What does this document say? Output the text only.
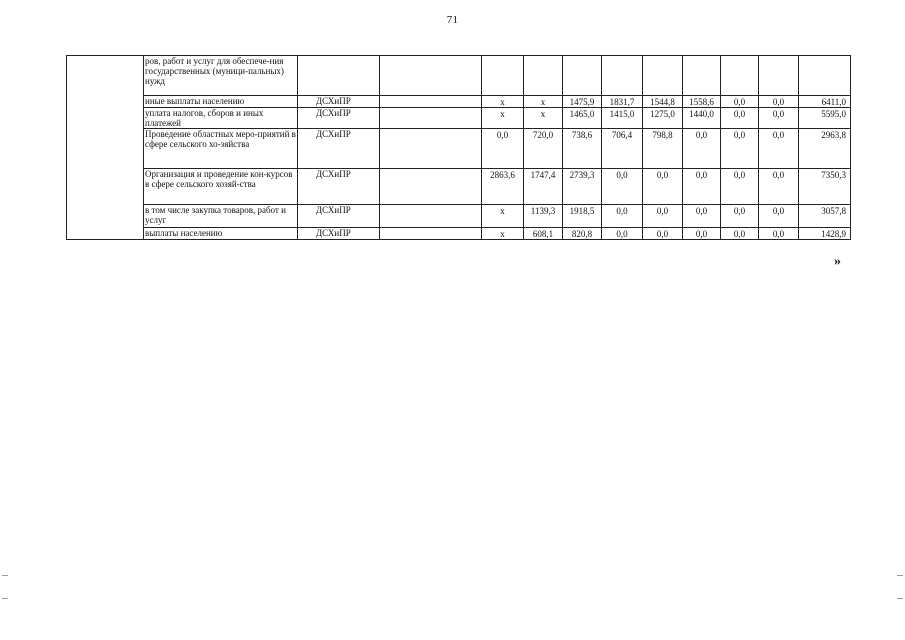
71
	ров, работ и услуг для обеспече-ния государственных (муници-пальных) нужд											
	иные выплаты населению	ДСХиПР		х	х	1475,9	1831,7	1544,8	1558,6	0,0	0,0	6411,0
	уплата налогов, сборов и иных платежей	ДСХиПР		х	х	1465,0	1415,0	1275,0	1440,0	0,0	0,0	5595,0
	Проведение областных меро-приятий в сфере сельского хо-зяйства	ДСХиПР		0,0	720,0	738,6	706,4	798,8	0,0	0,0	0,0	2963,8
	Организация и проведение кон-курсов в сфере сельского хозяй-ства	ДСХиПР		2863,6	1747,4	2739,3	0,0	0,0	0,0	0,0	0,0	7350,3
	в том числе закупка товаров, работ и услуг	ДСХиПР		х	1139,3	1918,5	0,0	0,0	0,0	0,0	0,0	3057,8
	выплаты населению	ДСХиПР		х	608,1	820,8	0,0	0,0	0,0	0,0	0,0	1428,9
»
